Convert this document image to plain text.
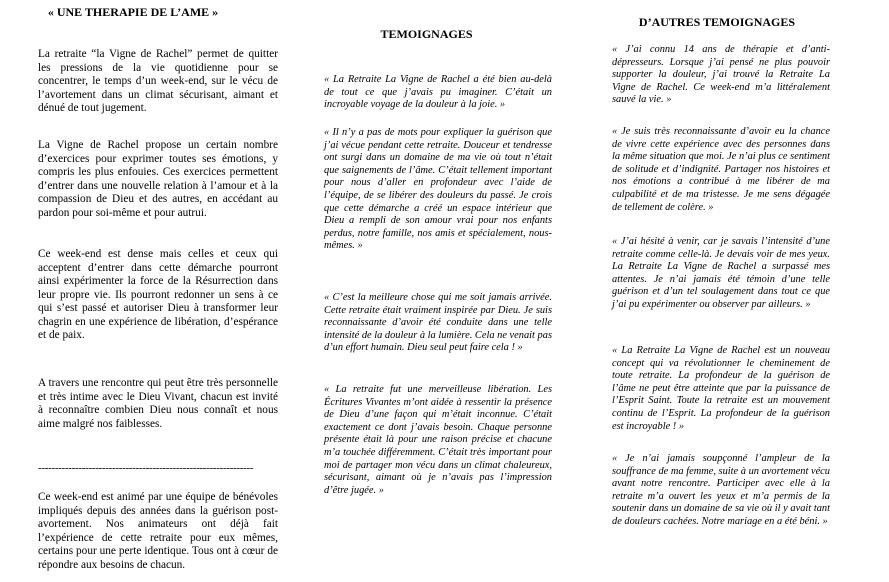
« UNE THERAPIE DE L’AME »

La retraite “la Vigne de Rachel” permet de quitter les pressions de la vie quotidienne pour se concentrer, le temps d’un week-end, sur le vécu de l’avortement dans un climat sécurisant, aimant et dénué de tout jugement.

La Vigne de Rachel propose un certain nombre d’exercices pour exprimer toutes ses émotions, y compris les plus enfouies. Ces exercices permettent d’entrer dans une nouvelle relation à l’amour et à la compassion de Dieu et des autres, en accédant au pardon pour soi-même et pour autrui.

Ce week-end est dense mais celles et ceux qui acceptent d’entrer dans cette démarche pourront ainsi expérimenter la force de la Résurrection dans leur propre vie. Ils pourront redonner un sens à ce qui s’est passé et autoriser Dieu à transformer leur chagrin en une expérience de libération, d’espérance et de paix.

A travers une rencontre qui peut être très personnelle et très intime avec le Dieu Vivant, chacun est invité à reconnaître combien Dieu nous connaît et nous aime malgré nos faiblesses.

----------------------------------------------------------------

Ce week-end est animé par une équipe de bénévoles impliqués depuis des années dans la guérison post-avortement. Nos animateurs ont déjà fait l’expérience de cette retraite pour eux mêmes, certains pour une perte identique. Tous ont à cœur de répondre aux besoins de chacun.

TEMOIGNAGES

« La Retraite La Vigne de Rachel a été bien au-delà de tout ce que j’avais pu imaginer. C’était un incroyable voyage de la douleur à la joie. »

« Il n’y a pas de mots pour expliquer la guérison que j’ai vécue pendant cette retraite. Douceur et tendresse ont surgi dans un domaine de ma vie où tout n’était que saignements de l’âme. C’était tellement important pour nous d’aller en profondeur avec l’aide de l’équipe, de se libérer des douleurs du passé. Je crois que cette démarche a créé un espace intérieur que Dieu a rempli de son amour vrai pour nos enfants perdus, notre famille, nos amis et spécialement, nous-mêmes. »

« C’est la meilleure chose qui me soit jamais arrivée. Cette retraite était vraiment inspirée par Dieu. Je suis reconnaissante d’avoir été conduite dans une telle intensité de la douleur à la lumière. Cela ne venait pas d’un effort humain. Dieu seul peut faire cela ! »

« La retraite fut une merveilleuse libération. Les Écritures Vivantes m’ont aidée à ressentir la présence de Dieu d’une façon qui m’était inconnue. C’était exactement ce dont j’avais besoin. Chaque personne présente était là pour une raison précise et chacune m’a touchée différemment. C’était très important pour moi de partager mon vécu dans un climat chaleureux, sécurisant, aimant où je n’avais pas l’impression d’être jugée. »

D’AUTRES TEMOIGNAGES

« J’ai connu 14 ans de thérapie et d’anti-dépresseurs. Lorsque j’ai pensé ne plus pouvoir supporter la douleur, j’ai trouvé la Retraite La Vigne de Rachel. Ce week-end m’a littéralement sauvé la vie. »

« Je suis très reconnaissante d’avoir eu la chance de vivre cette expérience avec des personnes dans la même situation que moi. Je n’ai plus ce sentiment de solitude et d’indignité. Partager nos histoires et nos émotions a contribué à me libérer de ma culpabilité et de ma tristesse. Je me sens dégagée de tellement de colère. »

« J’ai hésité à venir, car je savais l’intensité d’une retraite comme celle-là. Je devais voir de mes yeux. La Retraite La Vigne de Rachel a surpassé mes attentes. Je n’ai jamais été témoin d’une telle guérison et d’un tel soulagement dans tout ce que j’ai pu expérimenter ou observer par ailleurs. »

« La Retraite La Vigne de Rachel est un nouveau concept qui va révolutionner le cheminement de toute retraite. La profondeur de la guérison de l’âme ne peut être atteinte que par la puissance de l’Esprit Saint. Toute la retraite est un mouvement continu de l’Esprit. La profondeur de la guérison est incroyable ! »

« Je n’ai jamais soupçonné l’ampleur de la souffrance de ma femme, suite à un avortement vécu avant notre rencontre. Participer avec elle à la retraite m’a ouvert les yeux et m’a permis de la soutenir dans un domaine de sa vie où il y avait tant de douleurs cachées. Notre mariage en a été béni. »
